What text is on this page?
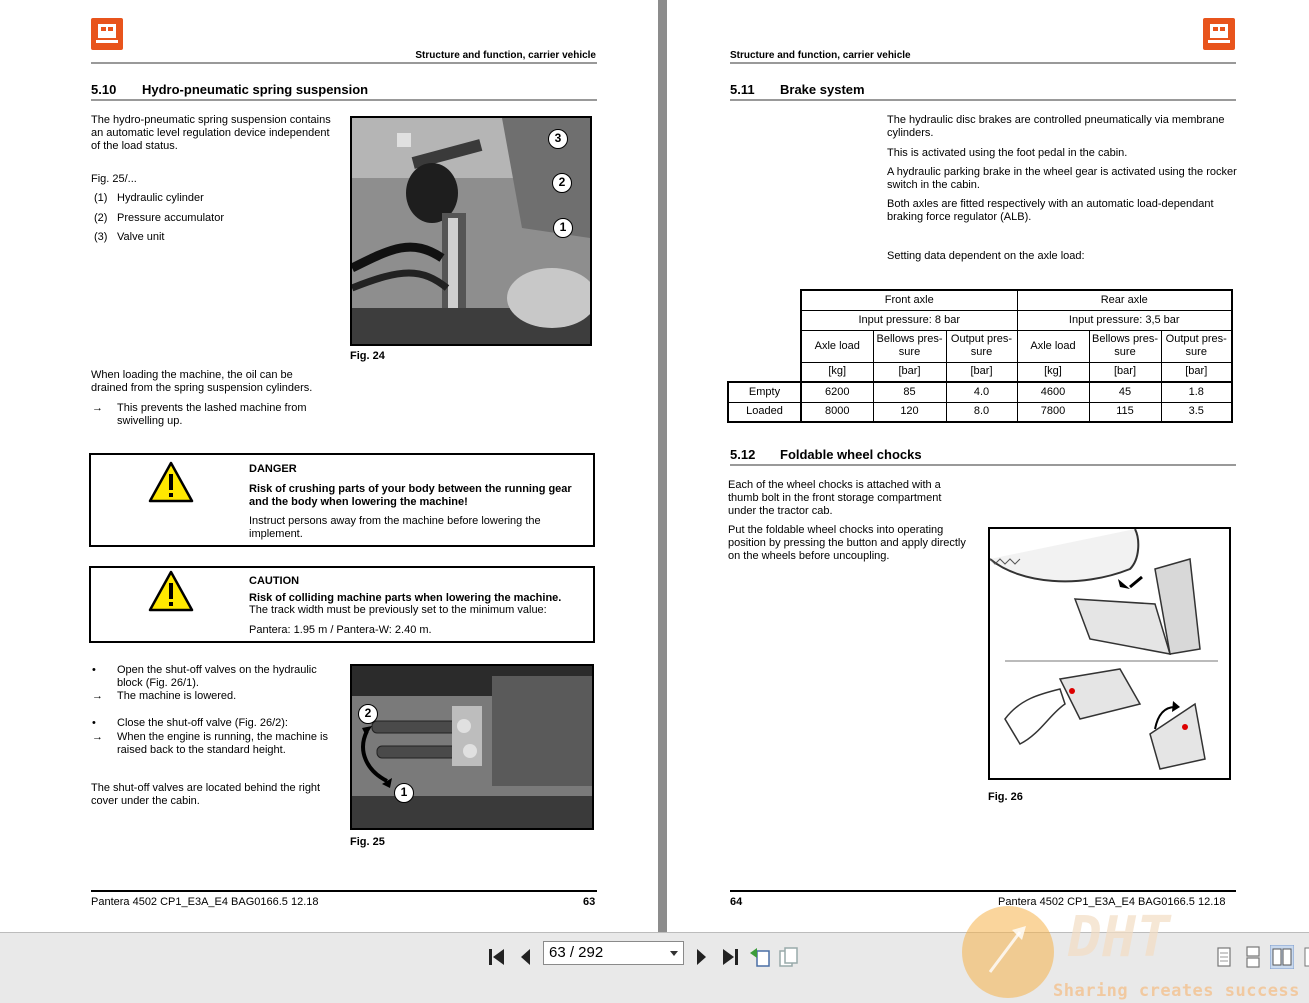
Structure and function, carrier vehicle
5.10 Hydro-pneumatic spring suspension
The hydro-pneumatic spring suspension contains an automatic level regulation device independent of the load status.
Fig. 25/...
(1) Hydraulic cylinder
(2) Pressure accumulator
(3) Valve unit
3
2
1
Fig. 24
When loading the machine, the oil can be drained from the spring suspension cylinders.
→ This prevents the lashed machine from swivelling up.
DANGER
Risk of crushing parts of your body between the running gear and the body when lowering the machine!
Instruct persons away from the machine before lowering the implement.
CAUTION
Risk of colliding machine parts when lowering the machine.
The track width must be previously set to the minimum value:
Pantera: 1.95 m / Pantera-W: 2.40 m.
• Open the shut-off valves on the hydraulic block (Fig. 26/1).
→ The machine is lowered.
• Close the shut-off valve (Fig. 26/2):
→ When the engine is running, the machine is raised back to the standard height.
The shut-off valves are located behind the right cover under the cabin.
2
1
Fig. 25
Pantera 4502 CP1_E3A_E4 BAG0166.5 12.18	63
Structure and function, carrier vehicle
5.11 Brake system
The hydraulic disc brakes are controlled pneumatically via membrane cylinders.
This is activated using the foot pedal in the cabin.
A hydraulic parking brake in the wheel gear is activated using the rocker switch in the cabin.
Both axles are fitted respectively with an automatic load-dependant braking force regulator (ALB).
Setting data dependent on the axle load:
	Front axle			Rear axle		
	Input pressure: 8 bar			Input pressure: 3,5 bar		
	Axle load	Bellows pres-sure	Output pres-sure	Axle load	Bellows pres-sure	Output pres-sure
	[kg]	[bar]	[bar]	[kg]	[bar]	[bar]
Empty	6200	85	4.0	4600	45	1.8
Loaded	8000	120	8.0	7800	115	3.5
5.12 Foldable wheel chocks
Each of the wheel chocks is attached with a thumb bolt in the front storage compartment under the tractor cab.
Put the foldable wheel chocks into operating position by pressing the button and apply directly on the wheels before uncoupling.
Fig. 26
64	Pantera 4502 CP1_E3A_E4 BAG0166.5 12.18
63 / 292	DHT
Sharing creates success
